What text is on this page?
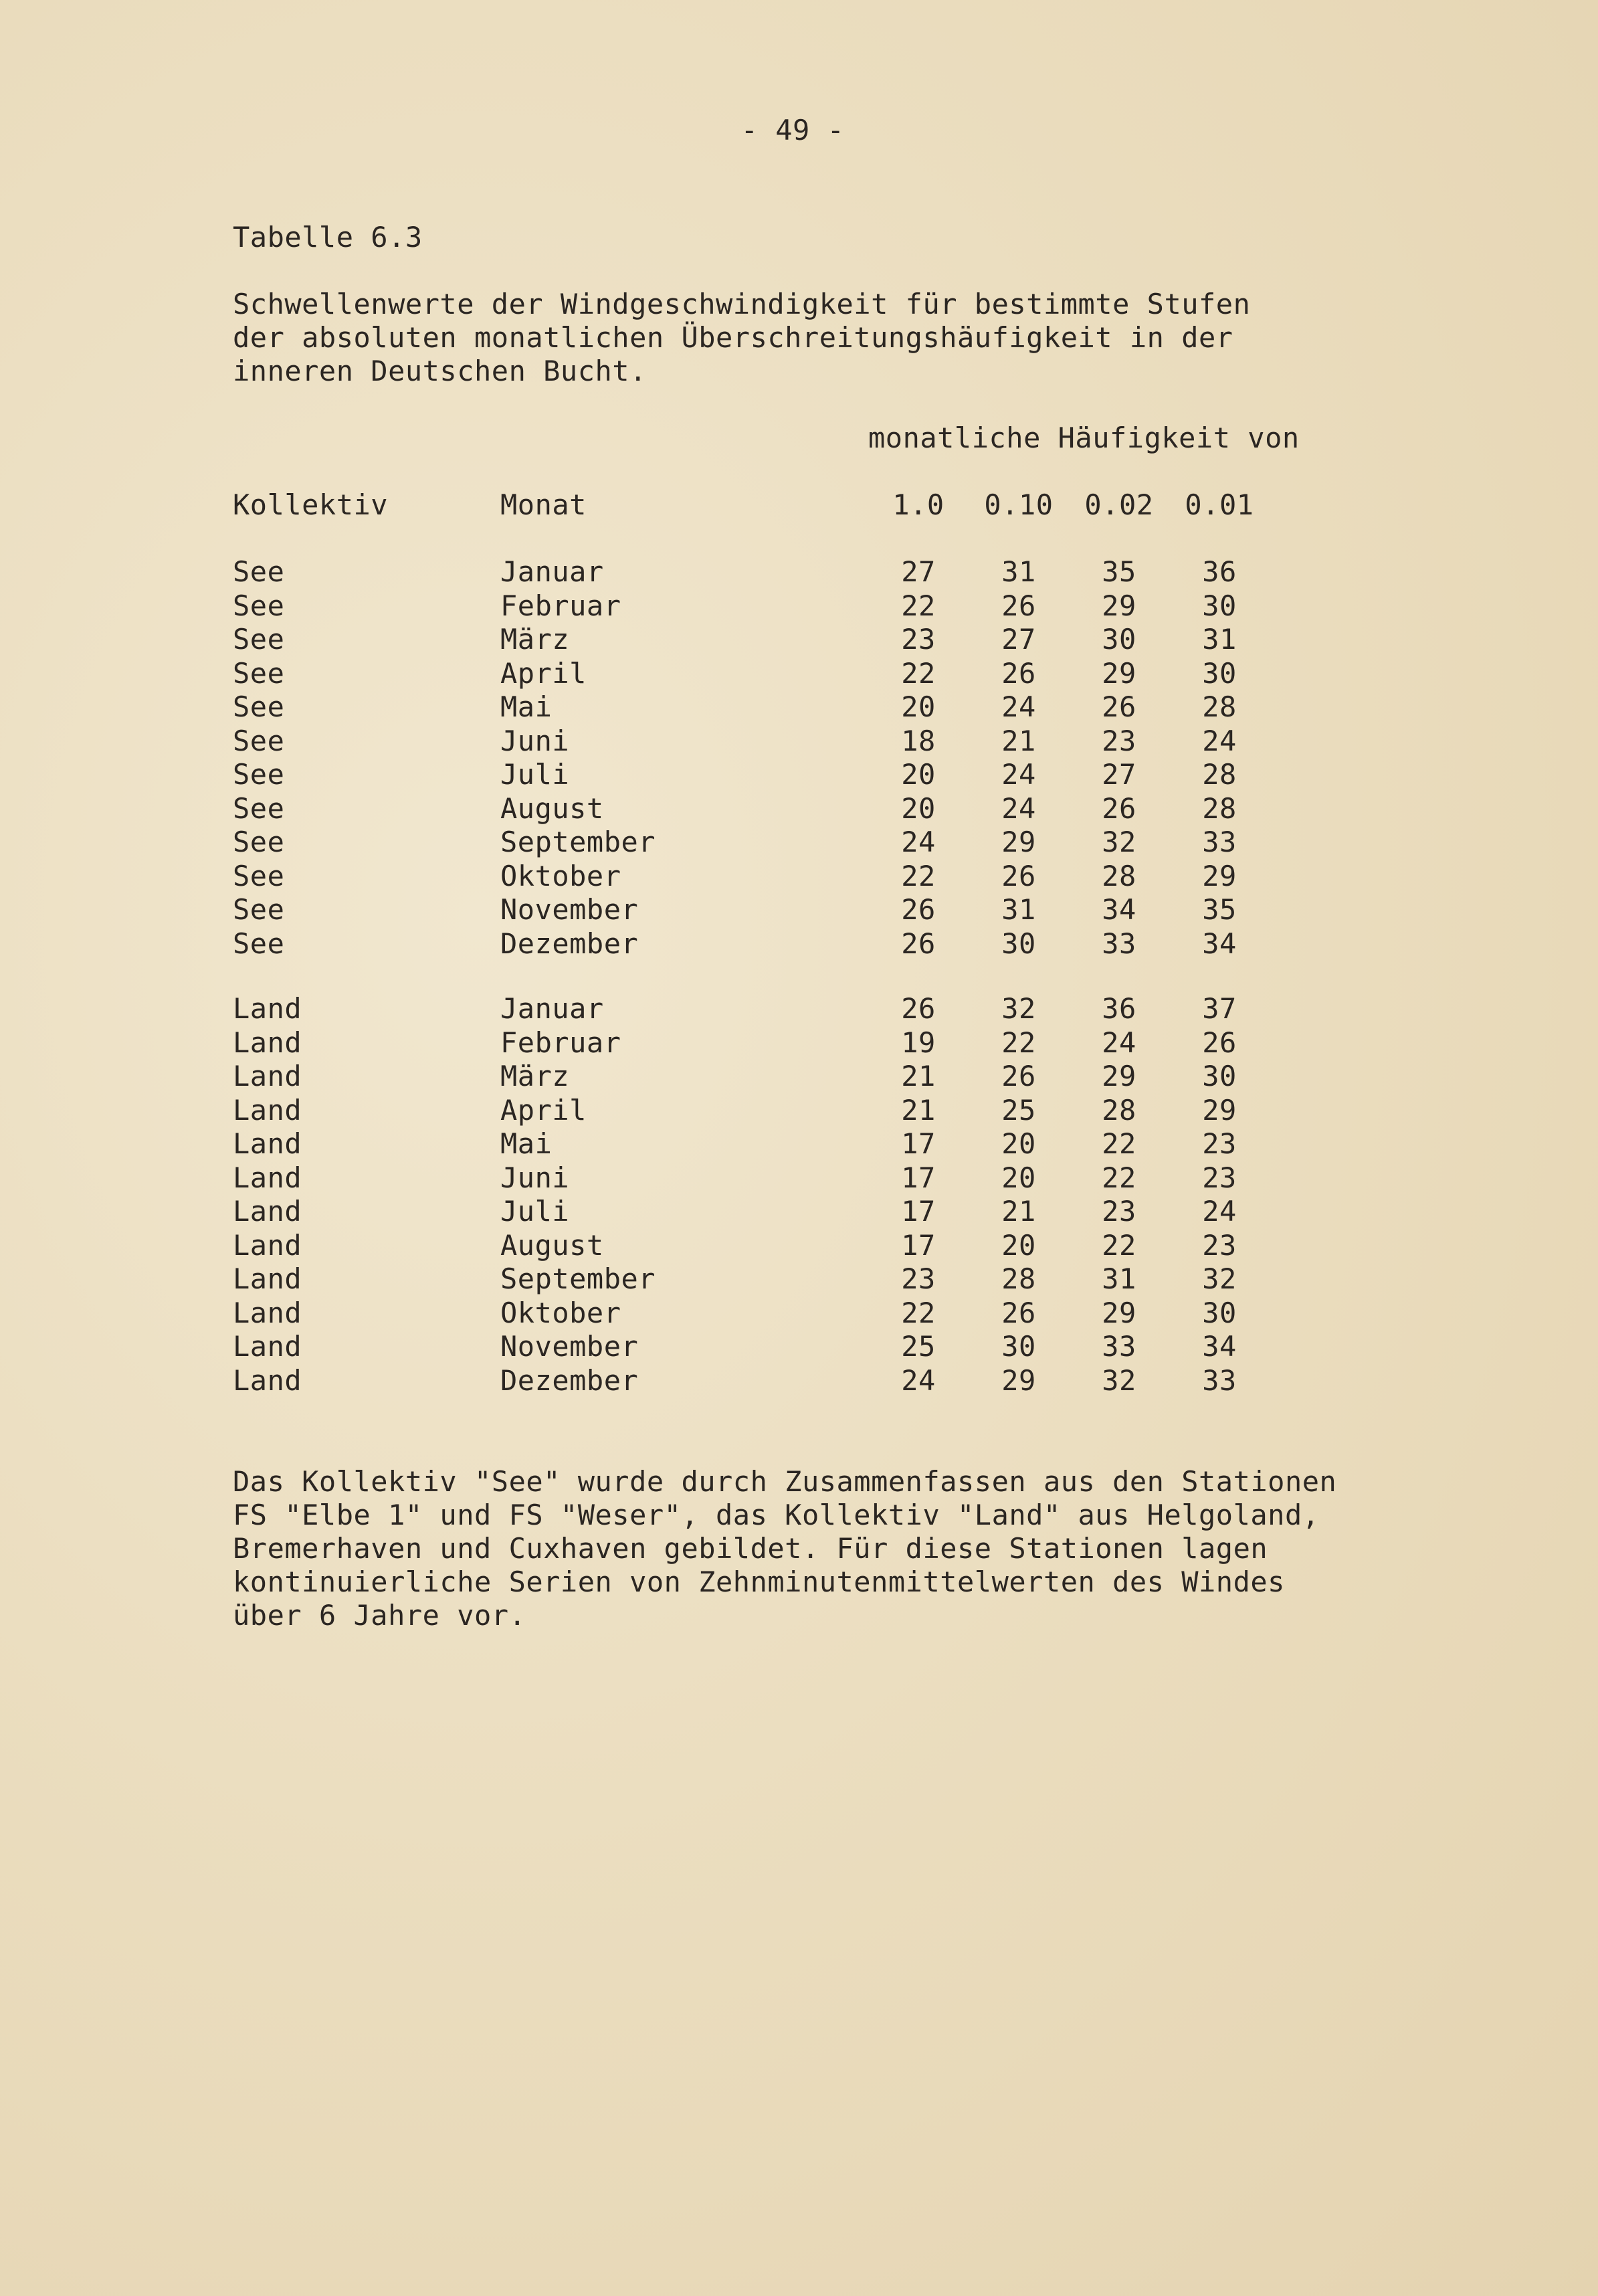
- 49 -
Tabelle 6.3
Schwellenwerte der Windgeschwindigkeit für bestimmte Stufen
der absoluten monatlichen Überschreitungshäufigkeit in der
inneren Deutschen Bucht.
monatliche Häufigkeit von
Kollektiv	Monat	1.0	0.10 0.02 0.01
See	Januar	27	31	35	36
See	Februar	22	26	29	30
See	März	23	27	30	31
See	April	22	26	29	30
See	Mai	20	24	26	28
See	Juni	18	21	23	24
See	Juli	20	24	27	28
See	August	20	24	26	28
See	September	24	29	32	33
See	Oktober	22	26	28	29
See	November	26	31	34	35
See	Dezember	26	30	33	34
Land	Januar	26	32	36	37
Land	Februar	19	22	24	26
Land	März	21	26	29	30
Land	April	21	25	28	29
Land	Mai	17	20	22	23
Land	Juni	17	20	22	23
Land	Juli	17	21	23	24
Land	August	17	20	22	23
Land	September	23	28	31	32
Land	Oktober	22	26	29	30
Land	November	25	30	33	34
Land	Dezember	24	29	32	33
Das Kollektiv "See" wurde durch Zusammenfassen aus den Stationen
FS "Elbe 1" und FS "Weser", das Kollektiv "Land" aus Helgoland,
Bremerhaven und Cuxhaven gebildet. Für diese Stationen lagen
kontinuierliche Serien von Zehnminutenmittelwerten des Windes
über 6 Jahre vor.
